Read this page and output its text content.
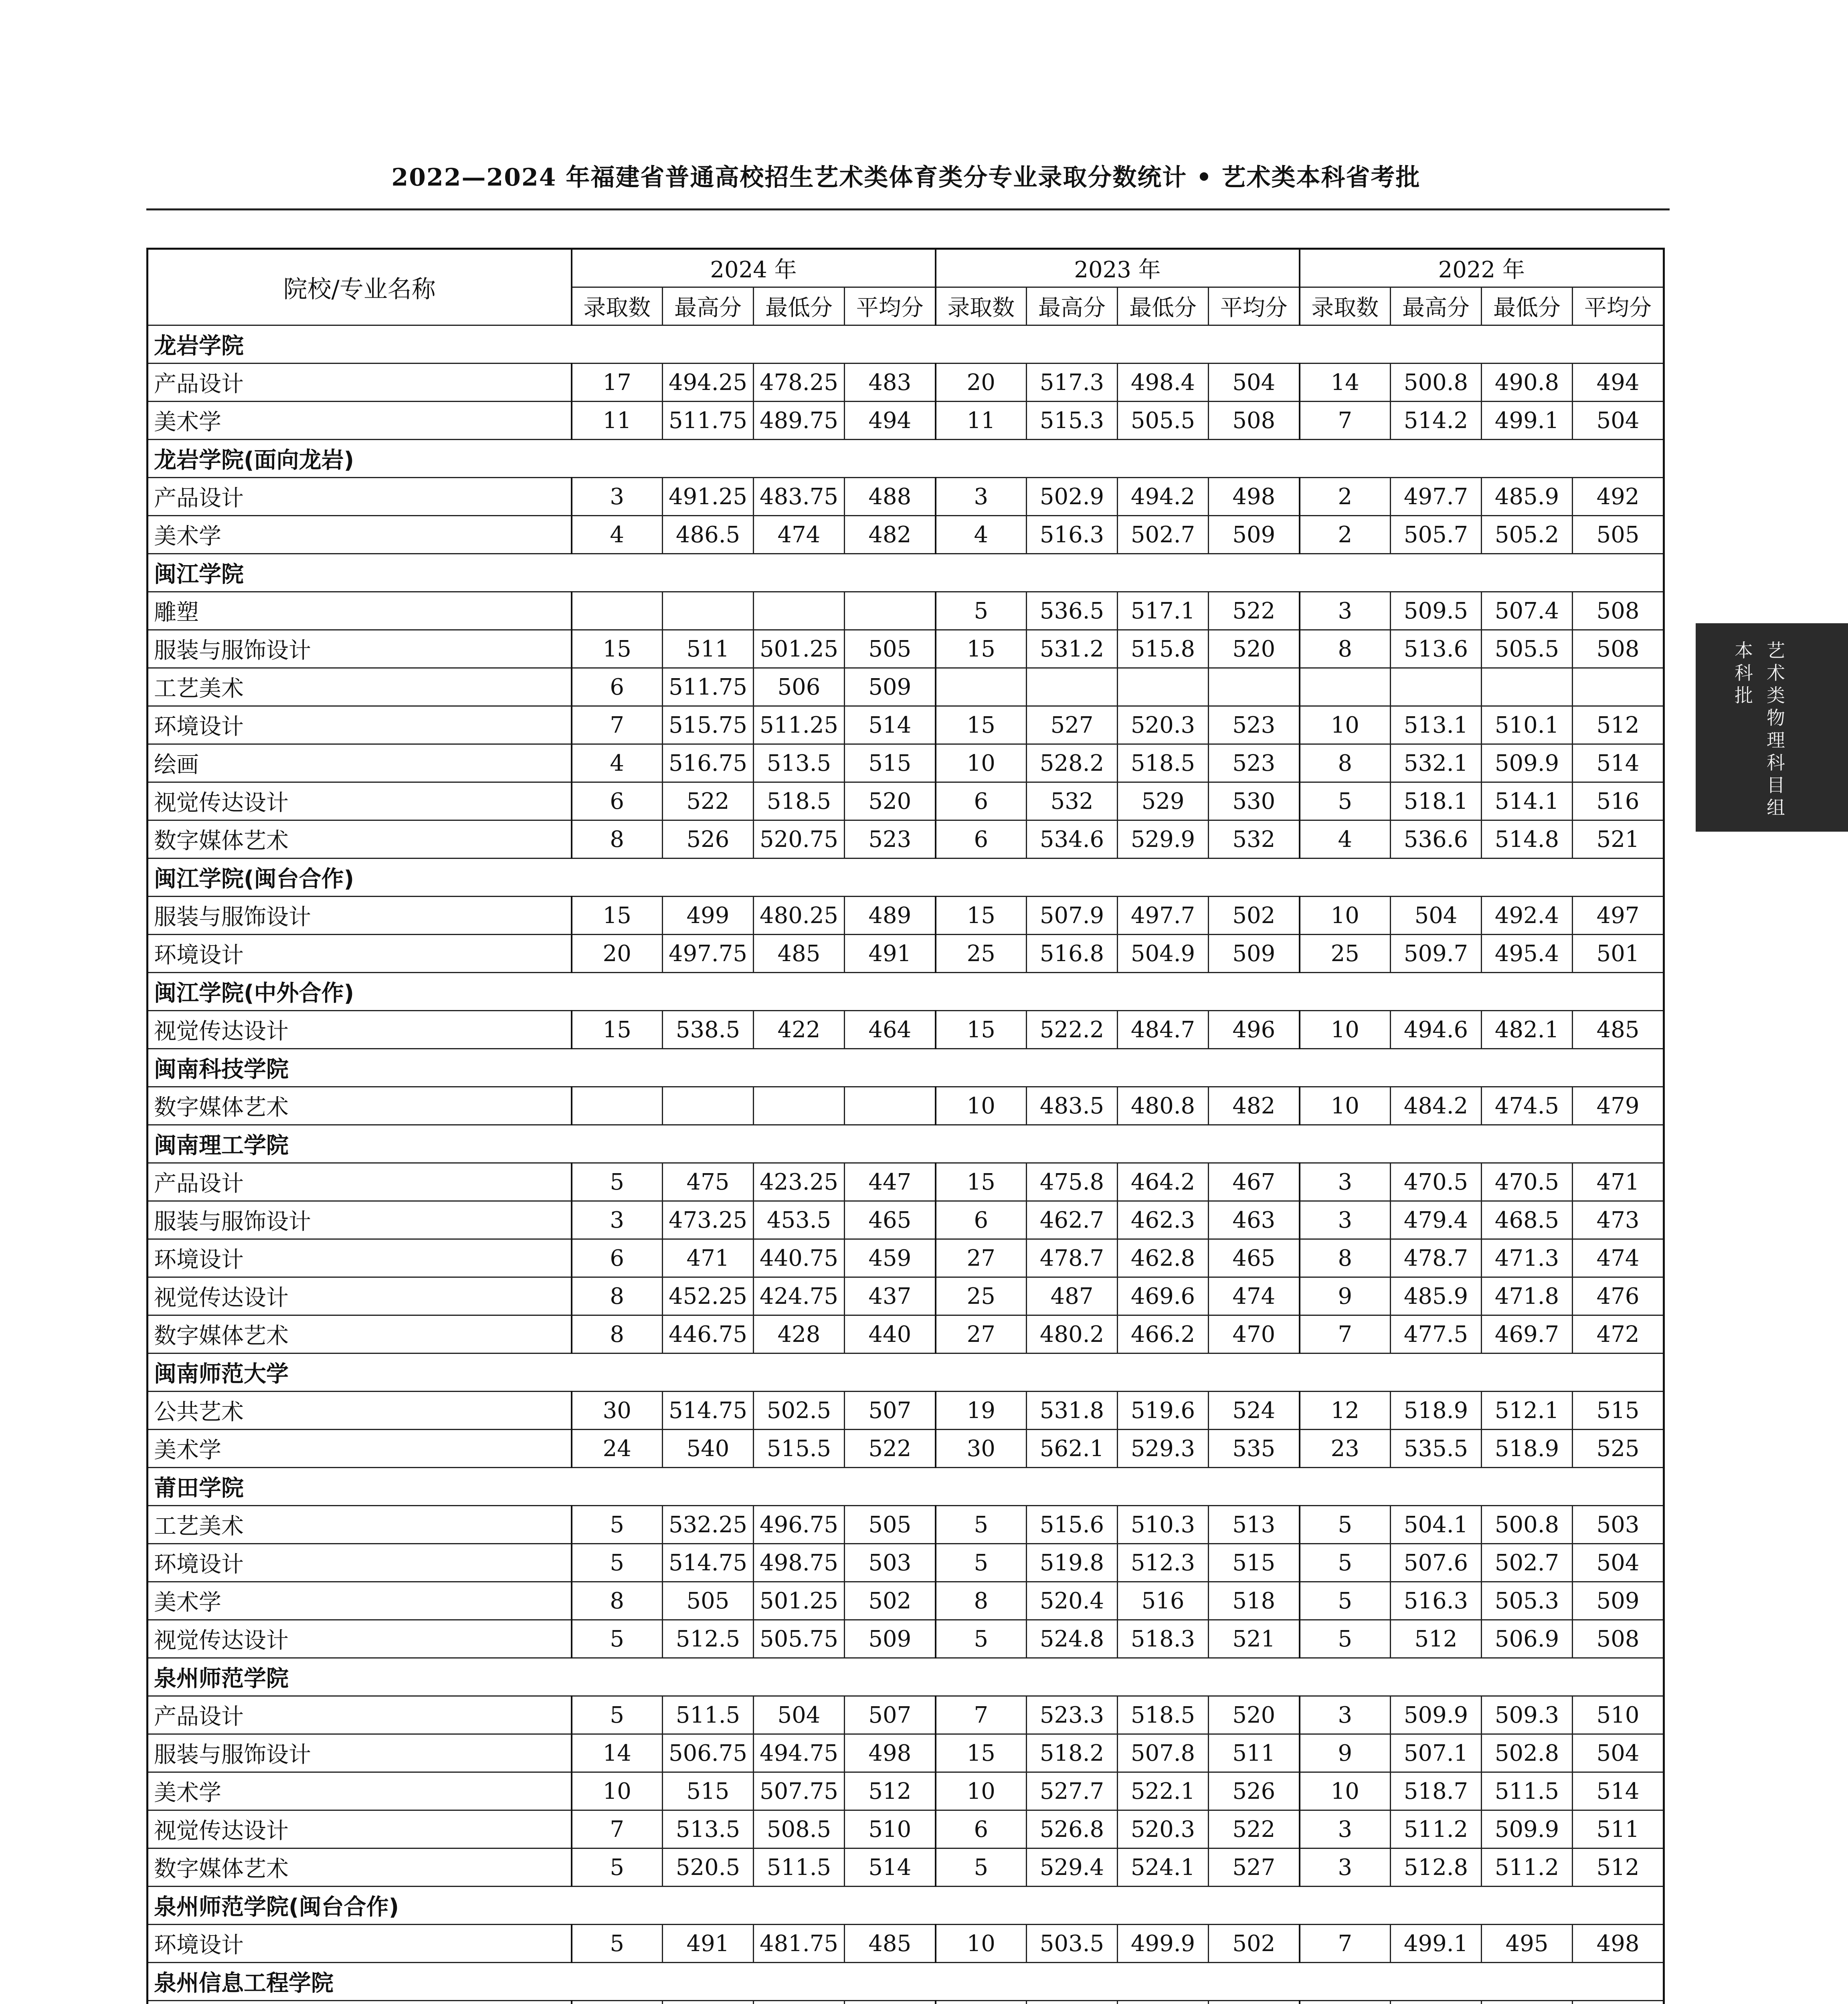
2022—2024 年福建省普通高校招生艺术类体育类分专业录取分数统计 • 艺术类本科省考批
艺术类物理科目组
本科批
院校/专业名称	2024 年				2023 年				2022 年			
	录取数	最高分	最低分	平均分	录取数	最高分	最低分	平均分	录取数	最高分	最低分	平均分
龙岩学院												
产品设计	17	494.25	478.25	483	20	517.3	498.4	504	14	500.8	490.8	494
美术学	11	511.75	489.75	494	11	515.3	505.5	508	7	514.2	499.1	504
龙岩学院(面向龙岩)												
产品设计	3	491.25	483.75	488	3	502.9	494.2	498	2	497.7	485.9	492
美术学	4	486.5	474	482	4	516.3	502.7	509	2	505.7	505.2	505
闽江学院												
雕塑					5	536.5	517.1	522	3	509.5	507.4	508
服装与服饰设计	15	511	501.25	505	15	531.2	515.8	520	8	513.6	505.5	508
工艺美术	6	511.75	506	509								
环境设计	7	515.75	511.25	514	15	527	520.3	523	10	513.1	510.1	512
绘画	4	516.75	513.5	515	10	528.2	518.5	523	8	532.1	509.9	514
视觉传达设计	6	522	518.5	520	6	532	529	530	5	518.1	514.1	516
数字媒体艺术	8	526	520.75	523	6	534.6	529.9	532	4	536.6	514.8	521
闽江学院(闽台合作)												
服装与服饰设计	15	499	480.25	489	15	507.9	497.7	502	10	504	492.4	497
环境设计	20	497.75	485	491	25	516.8	504.9	509	25	509.7	495.4	501
闽江学院(中外合作)												
视觉传达设计	15	538.5	422	464	15	522.2	484.7	496	10	494.6	482.1	485
闽南科技学院												
数字媒体艺术					10	483.5	480.8	482	10	484.2	474.5	479
闽南理工学院												
产品设计	5	475	423.25	447	15	475.8	464.2	467	3	470.5	470.5	471
服装与服饰设计	3	473.25	453.5	465	6	462.7	462.3	463	3	479.4	468.5	473
环境设计	6	471	440.75	459	27	478.7	462.8	465	8	478.7	471.3	474
视觉传达设计	8	452.25	424.75	437	25	487	469.6	474	9	485.9	471.8	476
数字媒体艺术	8	446.75	428	440	27	480.2	466.2	470	7	477.5	469.7	472
闽南师范大学												
公共艺术	30	514.75	502.5	507	19	531.8	519.6	524	12	518.9	512.1	515
美术学	24	540	515.5	522	30	562.1	529.3	535	23	535.5	518.9	525
莆田学院												
工艺美术	5	532.25	496.75	505	5	515.6	510.3	513	5	504.1	500.8	503
环境设计	5	514.75	498.75	503	5	519.8	512.3	515	5	507.6	502.7	504
美术学	8	505	501.25	502	8	520.4	516	518	5	516.3	505.3	509
视觉传达设计	5	512.5	505.75	509	5	524.8	518.3	521	5	512	506.9	508
泉州师范学院												
产品设计	5	511.5	504	507	7	523.3	518.5	520	3	509.9	509.3	510
服装与服饰设计	14	506.75	494.75	498	15	518.2	507.8	511	9	507.1	502.8	504
美术学	10	515	507.75	512	10	527.7	522.1	526	10	518.7	511.5	514
视觉传达设计	7	513.5	508.5	510	6	526.8	520.3	522	3	511.2	509.9	511
数字媒体艺术	5	520.5	511.5	514	5	529.4	524.1	527	3	512.8	511.2	512
泉州师范学院(闽台合作)												
环境设计	5	491	481.75	485	10	503.5	499.9	502	7	499.1	495	498
泉州信息工程学院												
